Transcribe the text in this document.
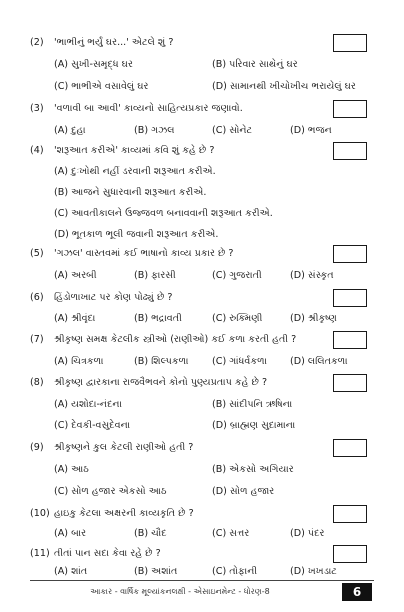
(2) 'ભાભીનું ભર્યું ઘર...' એટલે શું ?
(A) સુખી-સમૃદ્ધ ઘર	(B) પરિવાર સાથેનું ઘર
(C) ભાભીએ વસાવેલું ઘર	(D) સામાનથી ખીચોખીચ ભરાયેલું ઘર
(3) 'વળાવી બા આવી' કાવ્યનો સાહિત્યપ્રકાર જણાવો.
(A) દુહા	(B) ગઝલ	(C) સોનેટ	(D) ભજન
(4) 'શરૂઆત કરીએ' કાવ્યમાં કવિ શું કહે છે ?
(A) દુઃખોથી નહીં ડરવાની શરૂઆત કરીએ.
(B) આજને સુધારવાની શરૂઆત કરીએ.
(C) આવતીકાલને ઉજ્જવળ બનાવવાની શરૂઆત કરીએ.
(D) ભૂતકાળ ભૂલી જવાની શરૂઆત કરીએ.
(5) 'ગઝલ' વાસ્તવમાં કઈ ભાષાનો કાવ્ય પ્રકાર છે ?
(A) અરબી	(B) ફારસી	(C) ગુજરાતી	(D) સંસ્કૃત
(6) હિંડોળાખાટ પર કોણ પોઢ્યું છે ?
(A) શ્રીવૃંદા	(B) ભદ્રાવતી	(C) રુક્મિણી	(D) શ્રીકૃષ્ણ
(7) શ્રીકૃષ્ણ સમક્ષ કેટલીક સ્ત્રીઓ (રાણીઓ) કઈ કળા કરતી હતી ?
(A) ચિત્રકળા	(B) શિલ્પકળા (C) ગાંધર્વકળા (D) લલિતકળા
(8) શ્રીકૃષ્ણ દ્વારકાના રાજવૈભવને કોનો પુણ્યપ્રતાપ કહે છે ?
(A) યશોદા-નંદના	(B) સાંદીપનિ ઋષિના
(C) દેવકી-વસુદેવના	(D) બ્રાહ્મણ સુદામાના
(9) શ્રીકૃષ્ણને કુલ કેટલી રાણીઓ હતી ?
(A) આઠ	(B) એકસો અગિયાર
(C) સોળ હજાર એકસો આઠ	(D) સોળ હજાર
(10) હાઇકુ કેટલા અક્ષરની કાવ્યકૃતિ છે ?
(A) બાર	(B) ચૌદ	(C) સત્તર	(D) પંદર
આકાર - વાર્ષિક મૂલ્યાંકનલક્ષી - એસાઇનમેન્ટ - ધોરણ-8	6
(11) તીતાં પાન સદા કેવા રહે છે ?
(A) શાંત	(B) અશાંત	(C) તોફાની	(D) ખખડાટ
